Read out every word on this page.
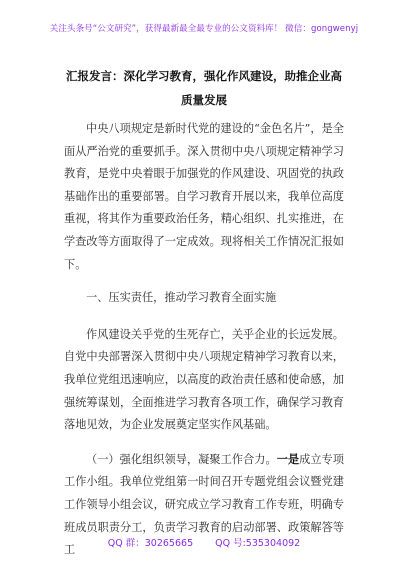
关注头条号“公文研究”，获得最新最全最专业的公文资料库！ 微信：gongwenyj
汇报发言：深化学习教育，强化作风建设，助推企业高质量发展

中央八项规定是新时代党的建设的“金色名片”，是全面从严治党的重要抓手。深入贯彻中央八项规定精神学习教育，是党中央着眼于加强党的作风建设、巩固党的执政基础作出的重要部署。自学习教育开展以来，我单位高度重视，将其作为重要政治任务，精心组织、扎实推进，在学查改等方面取得了一定成效。现将相关工作情况汇报如下。

一、压实责任，推动学习教育全面实施

作风建设关乎党的生死存亡，关乎企业的长远发展。自党中央部署深入贯彻中央八项规定精神学习教育以来，我单位党组迅速响应，以高度的政治责任感和使命感，加强统筹谋划，全面推进学习教育各项工作，确保学习教育落地见效，为企业发展奠定坚实作风基础。

（一）强化组织领导，凝聚工作合力。一是成立专项工作小组。我单位党组第一时间召开专题党组会议暨党建工作领导小组会议，研究成立学习教育工作专班，明确专班成员职责分工，负责学习教育的启动部署、政策解答等工	QQ 群：30265665 QQ 号:535304092
